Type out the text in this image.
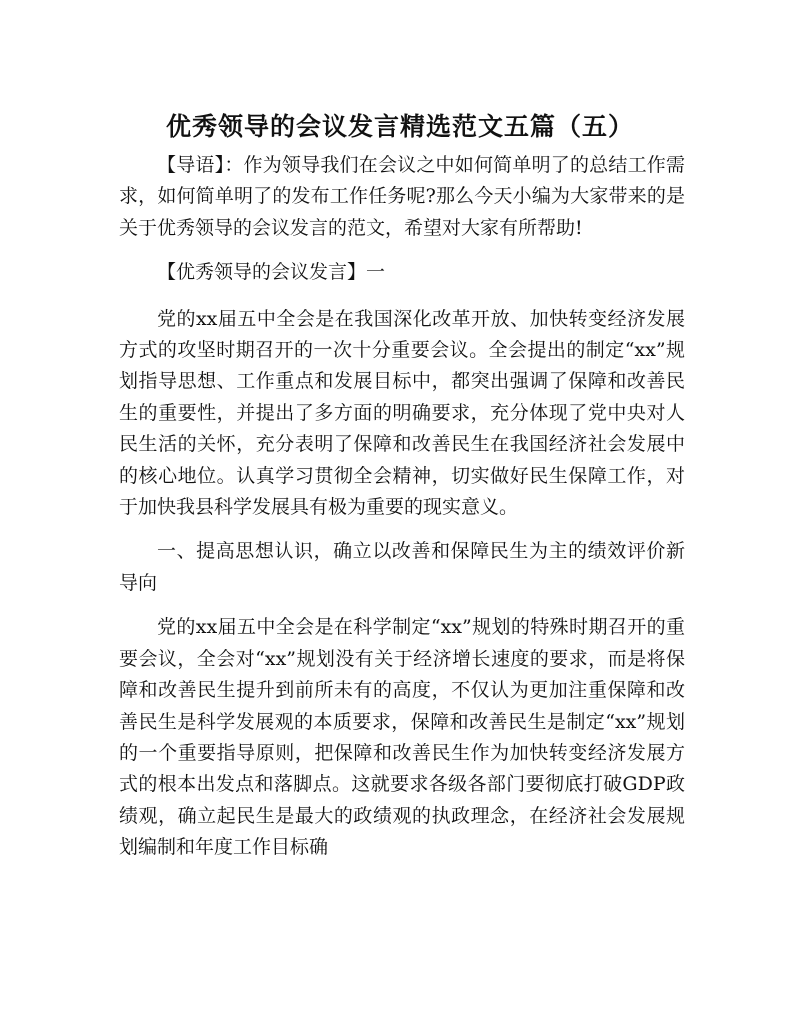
优秀领导的会议发言精选范文五篇（五）

【导语】：作为领导我们在会议之中如何简单明了的总结工作需求，如何简单明了的发布工作任务呢?那么今天小编为大家带来的是关于优秀领导的会议发言的范文，希望对大家有所帮助!

【优秀领导的会议发言】一

党的xx届五中全会是在我国深化改革开放、加快转变经济发展方式的攻坚时期召开的一次十分重要会议。全会提出的制定“xx”规划指导思想、工作重点和发展目标中，都突出强调了保障和改善民生的重要性，并提出了多方面的明确要求，充分体现了党中央对人民生活的关怀，充分表明了保障和改善民生在我国经济社会发展中的核心地位。认真学习贯彻全会精神，切实做好民生保障工作，对于加快我县科学发展具有极为重要的现实意义。

一、提高思想认识，确立以改善和保障民生为主的绩效评价新导向

党的xx届五中全会是在科学制定“xx”规划的特殊时期召开的重要会议，全会对“xx”规划没有关于经济增长速度的要求，而是将保障和改善民生提升到前所未有的高度，不仅认为更加注重保障和改善民生是科学发展观的本质要求，保障和改善民生是制定“xx”规划的一个重要指导原则，把保障和改善民生作为加快转变经济发展方式的根本出发点和落脚点。这就要求各级各部门要彻底打破GDP政绩观，确立起民生是最大的政绩观的执政理念，在经济社会发展规划编制和年度工作目标确
